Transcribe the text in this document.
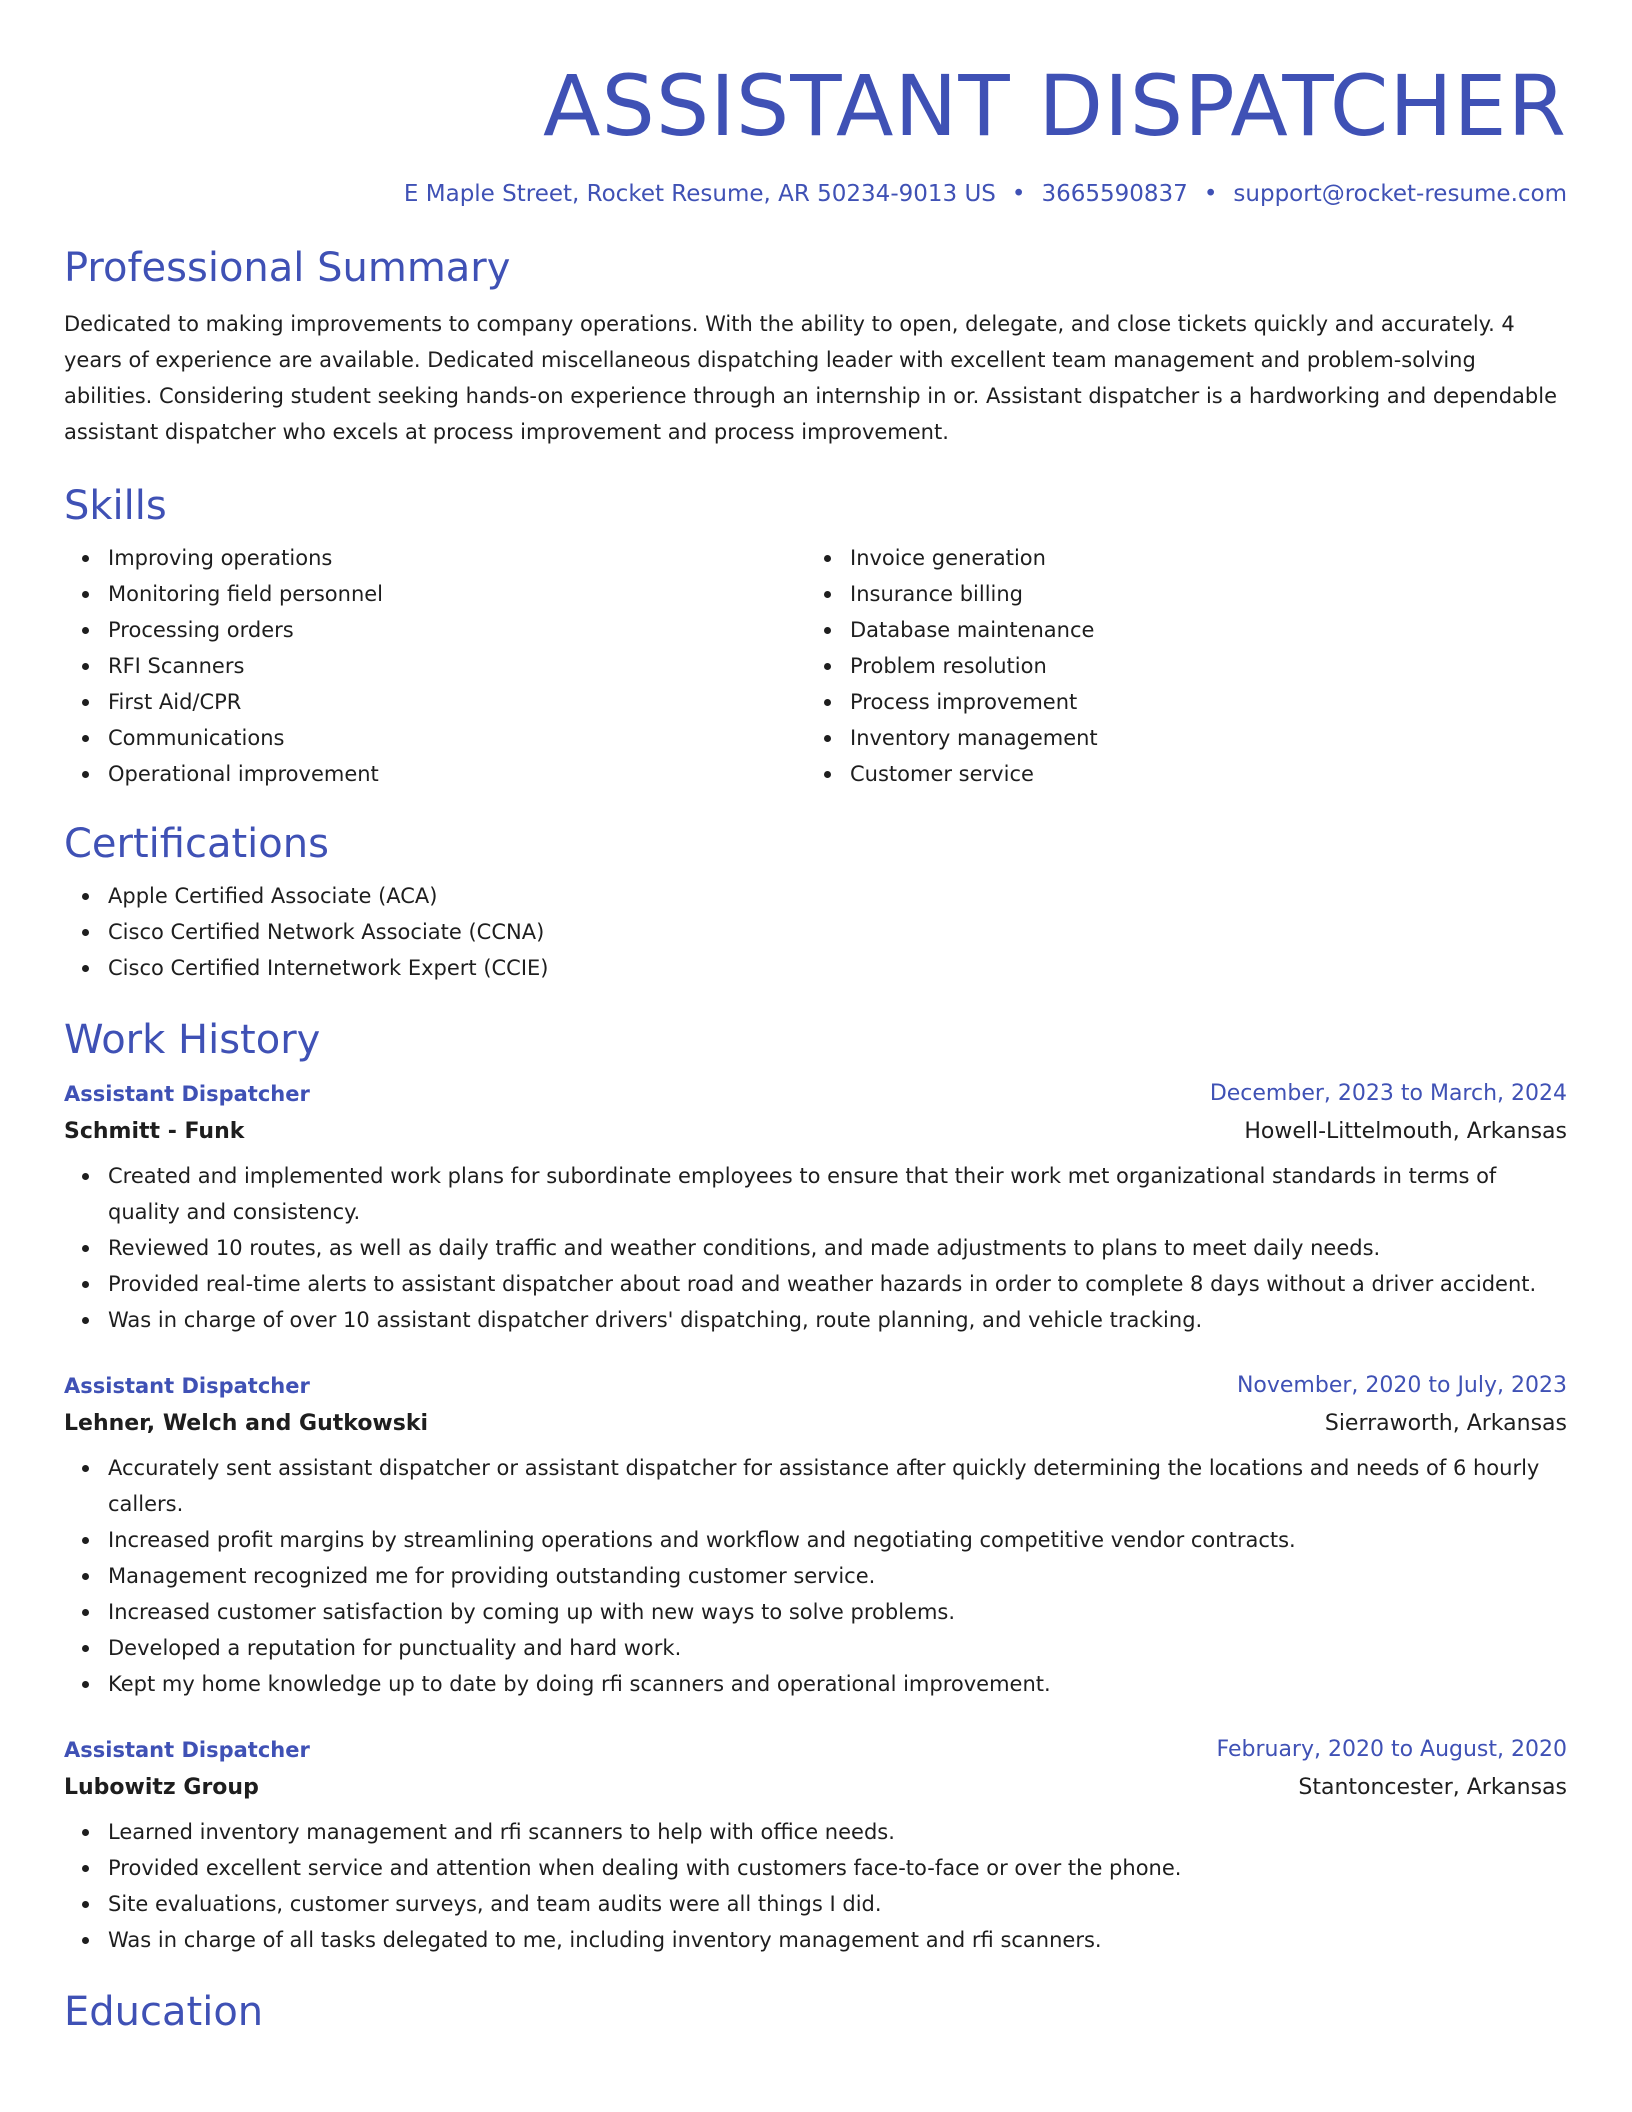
ASSISTANT DISPATCHER
E Maple Street, Rocket Resume, AR 50234-9013 US • 3665590837 • support@rocket-resume.com
Professional Summary

Dedicated to making improvements to company operations. With the ability to open, delegate, and close tickets quickly and accurately. 4 years of experience are available. Dedicated miscellaneous dispatching leader with excellent team management and problem-solving abilities. Considering student seeking hands-on experience through an internship in or. Assistant dispatcher is a hardworking and dependable assistant dispatcher who excels at process improvement and process improvement.

Skills
Improving operations
Monitoring field personnel
Processing orders
RFI Scanners
First Aid/CPR
Communications
Operational improvement
Invoice generation
Insurance billing
Database maintenance
Problem resolution
Process improvement
Inventory management
Customer service
Certifications
Apple Certified Associate (ACA)
Cisco Certified Network Associate (CCNA)
Cisco Certified Internetwork Expert (CCIE)
Work History
Assistant Dispatcher	December, 2023 to March, 2024
Schmitt - Funk	Howell-Littelmouth, Arkansas
Created and implemented work plans for subordinate employees to ensure that their work met organizational standards in terms of quality and consistency.
Reviewed 10 routes, as well as daily traffic and weather conditions, and made adjustments to plans to meet daily needs.
Provided real-time alerts to assistant dispatcher about road and weather hazards in order to complete 8 days without a driver accident.
Was in charge of over 10 assistant dispatcher drivers' dispatching, route planning, and vehicle tracking.
Assistant Dispatcher	November, 2020 to July, 2023
Lehner, Welch and Gutkowski	Sierraworth, Arkansas
Accurately sent assistant dispatcher or assistant dispatcher for assistance after quickly determining the locations and needs of 6 hourly callers.
Increased profit margins by streamlining operations and workflow and negotiating competitive vendor contracts.
Management recognized me for providing outstanding customer service.
Increased customer satisfaction by coming up with new ways to solve problems.
Developed a reputation for punctuality and hard work.
Kept my home knowledge up to date by doing rfi scanners and operational improvement.
Assistant Dispatcher	February, 2020 to August, 2020
Lubowitz Group	Stantoncester, Arkansas
Learned inventory management and rfi scanners to help with office needs.
Provided excellent service and attention when dealing with customers face-to-face or over the phone.
Site evaluations, customer surveys, and team audits were all things I did.
Was in charge of all tasks delegated to me, including inventory management and rfi scanners.
Education
